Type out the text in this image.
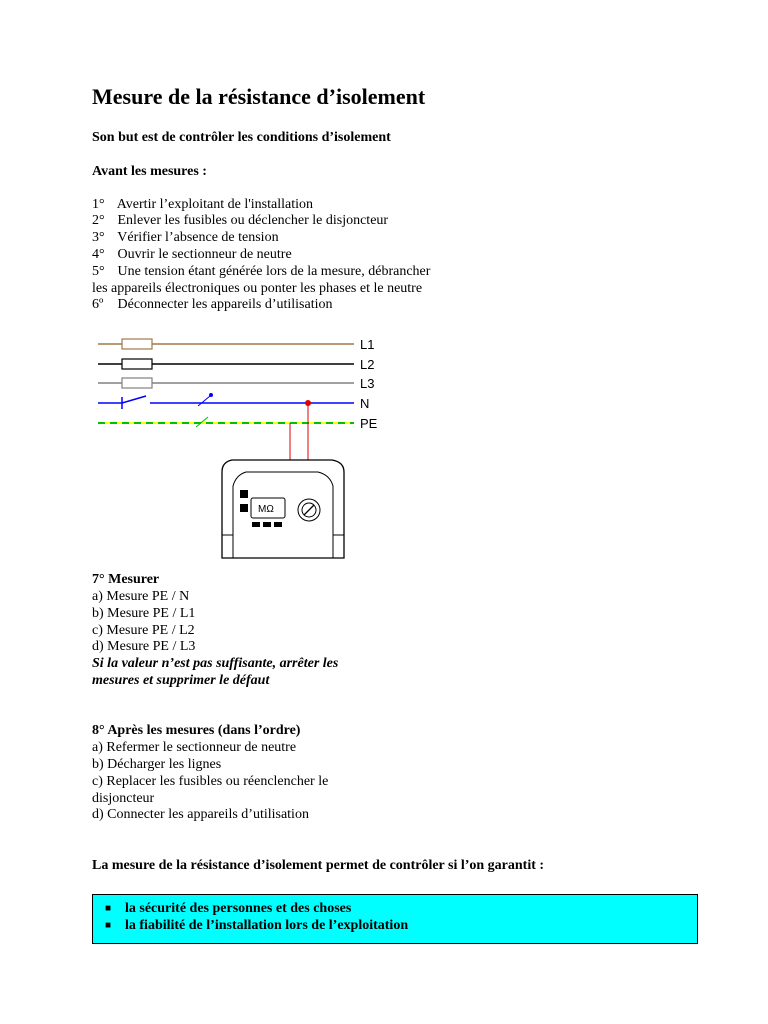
Mesure de la résistance d’isolement
Son but est de contrôler les conditions d’isolement
Avant les mesures :
1° Avertir l’exploitant de l'installation
2° Enlever les fusibles ou déclencher le disjoncteur
3° Vérifier l’absence de tension
4° Ouvrir le sectionneur de neutre
5° Une tension étant générée lors de la mesure, débrancher
les appareils électroniques ou ponter les phases et le neutre
6º Déconnecter les appareils d’utilisation
L1
L2
L3
N
PE
MΩ
7° Mesurer
a) Mesure PE / N
b) Mesure PE / L1
c) Mesure PE / L2
d) Mesure PE / L3
Si la valeur n’est pas suffisante, arrêter les
mesures et supprimer le défaut
8° Après les mesures (dans l’ordre)
a) Refermer le sectionneur de neutre
b) Décharger les lignes
c) Replacer les fusibles ou réenclencher le
disjoncteur
d) Connecter les appareils d’utilisation
La mesure de la résistance d’isolement permet de contrôler si l’on garantit :
■ la sécurité des personnes et des choses
■ la fiabilité de l’installation lors de l’exploitation
